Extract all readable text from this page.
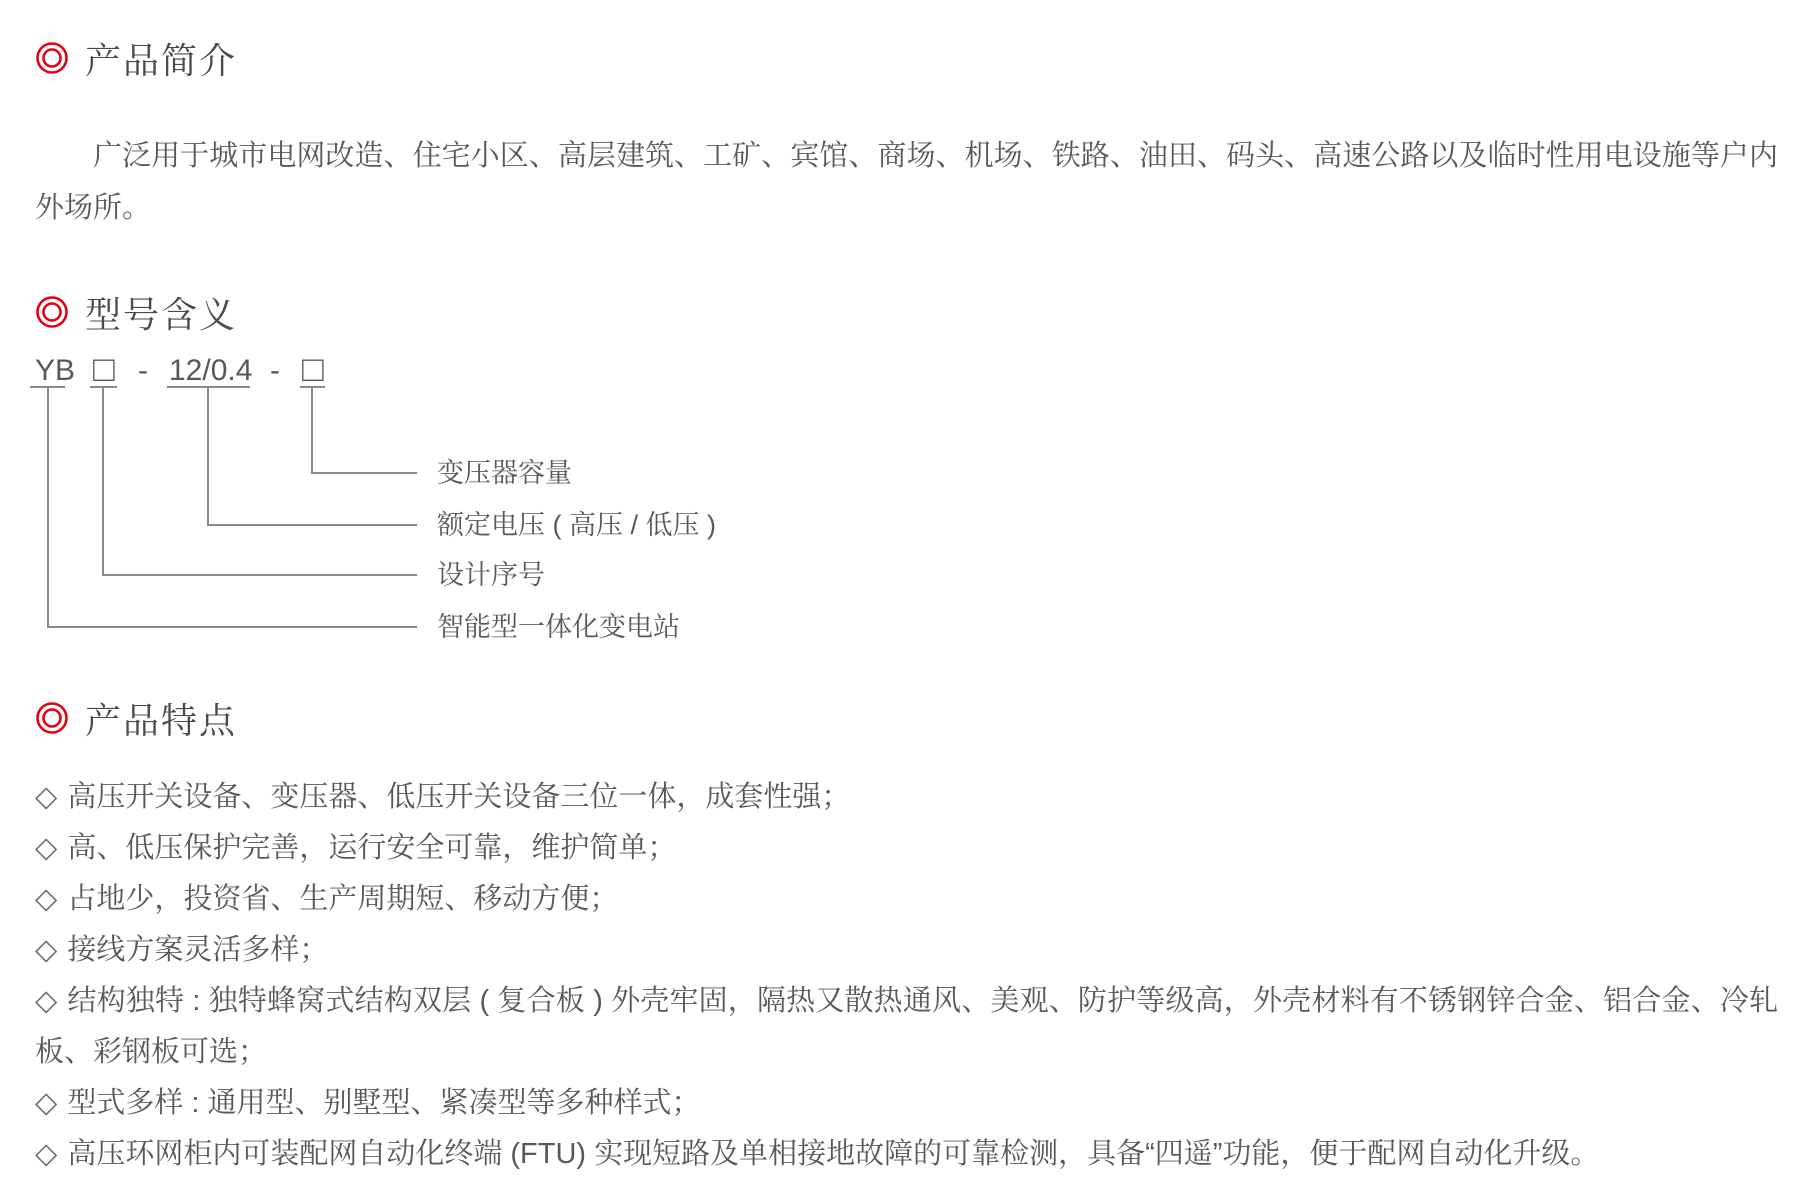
产品简介

广泛用于城市电网改造、住宅小区、高层建筑、工矿、宾馆、商场、机场、铁路、油田、码头、高速公路以及临时性用电设施等户内外场所。

型号含义
YB □ - 12/0.4 - □
变压器容量
额定电压 ( 高压 / 低压 )
设计序号
智能型一体化变电站
产品特点
◇ 高压开关设备、变压器、低压开关设备三位一体，成套性强；
◇ 高、低压保护完善，运行安全可靠，维护简单；
◇ 占地少，投资省、生产周期短、移动方便；
◇ 接线方案灵活多样；
◇ 结构独特 : 独特蜂窝式结构双层 ( 复合板 ) 外壳牢固，隔热又散热通风、美观、防护等级高，外壳材料有不锈钢锌合金、铝合金、冷轧板、彩钢板可选；
◇ 型式多样 : 通用型、别墅型、紧凑型等多种样式；
◇ 高压环网柜内可装配网自动化终端 (FTU) 实现短路及单相接地故障的可靠检测，具备“四遥”功能，便于配网自动化升级。
